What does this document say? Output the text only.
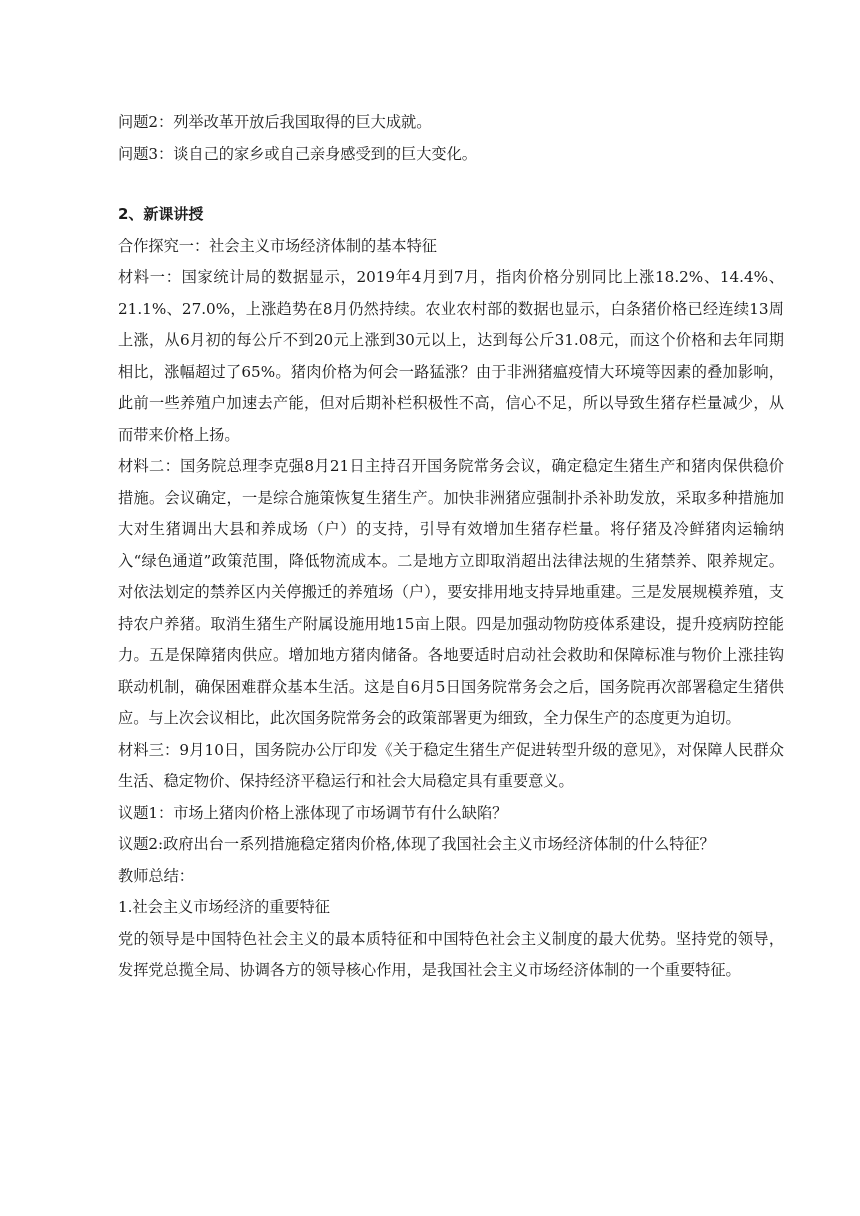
问题2：列举改革开放后我国取得的巨大成就。

问题3：谈自己的家乡或自己亲身感受到的巨大变化。

2、新课讲授

合作探究一：社会主义市场经济体制的基本特征

材料一：国家统计局的数据显示，2019年4月到7月，指肉价格分别同比上涨18.2%、14.4%、21.1%、27.0%，上涨趋势在8月仍然持续。农业农村部的数据也显示，白条猪价格已经连续13周上涨，从6月初的每公斤不到20元上涨到30元以上，达到每公斤31.08元，而这个价格和去年同期相比，涨幅超过了65%。猪肉价格为何会一路猛涨？由于非洲猪瘟疫情大环境等因素的叠加影响，此前一些养殖户加速去产能，但对后期补栏积极性不高，信心不足，所以导致生猪存栏量减少，从而带来价格上扬。

材料二：国务院总理李克强8月21日主持召开国务院常务会议，确定稳定生猪生产和猪肉保供稳价措施。会议确定，一是综合施策恢复生猪生产。加快非洲猪应强制扑杀补助发放，采取多种措施加大对生猪调出大县和养成场（户）的支持，引导有效增加生猪存栏量。将仔猪及冷鲜猪肉运输纳入“绿色通道”政策范围，降低物流成本。二是地方立即取消超出法律法规的生猪禁养、限养规定。对依法划定的禁养区内关停搬迁的养殖场（户），要安排用地支持异地重建。三是发展规模养殖，支持农户养猪。取消生猪生产附属设施用地15亩上限。四是加强动物防疫体系建设，提升疫病防控能力。五是保障猪肉供应。增加地方猪肉储备。各地要适时启动社会救助和保障标准与物价上涨挂钩联动机制，确保困难群众基本生活。这是自6月5日国务院常务会之后，国务院再次部署稳定生猪供应。与上次会议相比，此次国务院常务会的政策部署更为细致，全力保生产的态度更为迫切。

材料三：9月10日，国务院办公厅印发《关于稳定生猪生产促进转型升级的意见》，对保障人民群众生活、稳定物价、保持经济平稳运行和社会大局稳定具有重要意义。

议题1：市场上猪肉价格上涨体现了市场调节有什么缺陷？

议题2:政府出台一系列措施稳定猪肉价格,体现了我国社会主义市场经济体制的什么特征？

教师总结：

1.社会主义市场经济的重要特征

党的领导是中国特色社会主义的最本质特征和中国特色社会主义制度的最大优势。坚持党的领导，发挥党总揽全局、协调各方的领导核心作用，是我国社会主义市场经济体制的一个重要特征。
